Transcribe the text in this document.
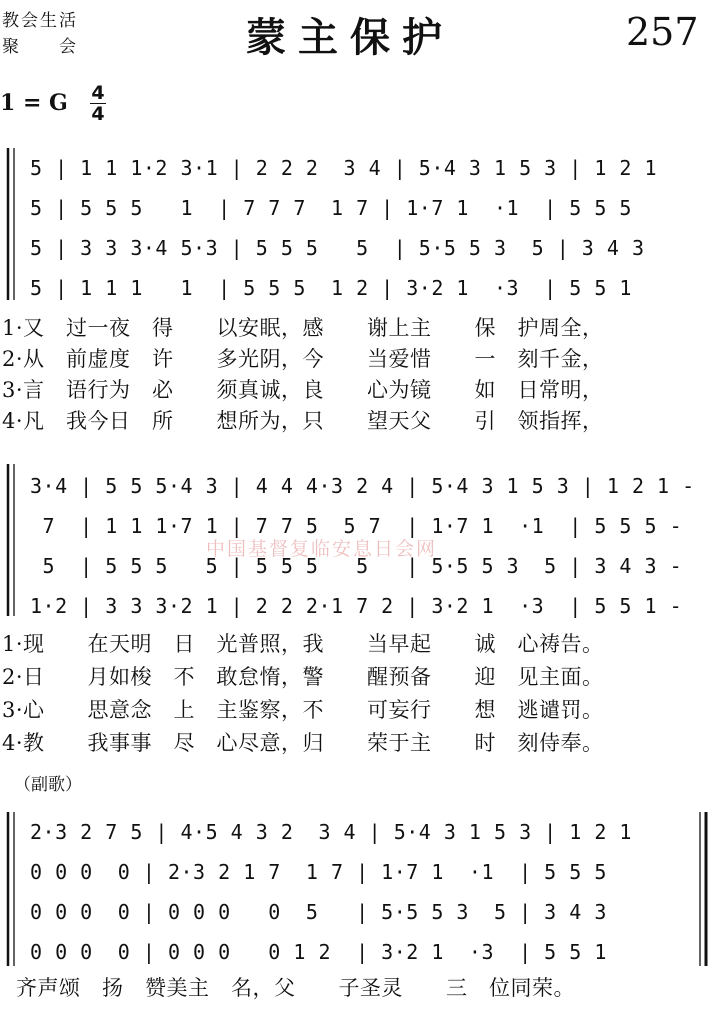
教会生活
聚　　会	蒙主保护	257
1 = G 4
4
5 | 1 1 1·2 3·1 | 2 2 2  3 4 | 5·4 3 1 5 3 | 1 2 1
5 | 5 5 5   1  | 7 7 7  1 7 | 1·7 1  ·1  | 5 5 5
5 | 3 3 3·4 5·3 | 5 5 5   5  | 5·5 5 3  5 | 3 4 3
5 | 1 1 1   1  | 5 5 5  1 2 | 3·2 1  ·3  | 5 5 1
1·又　过一夜　得　　以安眠，感　　谢上主　　保　护周全，
2·从　前虚度　许　　多光阴，今　　当爱惜　　一　刻千金，
3·言　语行为　必　　须真诚，良　　心为镜　　如　日常明，
4·凡　我今日　所　　想所为，只　　望天父　　引　领指挥，
3·4 | 5 5 5·4 3 | 4 4 4·3 2 4 | 5·4 3 1 5 3 | 1 2 1 -
7  | 1 1 1·7 1 | 7 7 5  5 7  | 1·7 1  ·1  | 5 5 5 -
5  | 5 5 5   5 | 5 5 5   5   | 5·5 5 3  5 | 3 4 3 -
1·2 | 3 3 3·2 1 | 2 2 2·1 7 2 | 3·2 1  ·3  | 5 5 1 -
中国基督复临安息日会网
1·现　　在天明　日　光普照，我　　当早起　　诚　心祷告。
2·日　　月如梭　不　敢怠惰，警　　醒预备　　迎　见主面。
3·心　　思意念　上　主鉴察，不　　可妄行　　想　逃谴罚。
4·教　　我事事　尽　心尽意，归　　荣于主　　时　刻侍奉。
（副歌）
2·3 2 7 5 | 4·5 4 3 2  3 4 | 5·4 3 1 5 3 | 1 2 1
0 0 0  0 | 2·3 2 1 7  1 7 | 1·7 1  ·1  | 5 5 5
0 0 0  0 | 0 0 0   0  5   | 5·5 5 3  5 | 3 4 3
0 0 0  0 | 0 0 0   0 1 2  | 3·2 1  ·3  | 5 5 1
齐声颂　扬　赞美主　名，父　　子圣灵　　三　位同荣。
